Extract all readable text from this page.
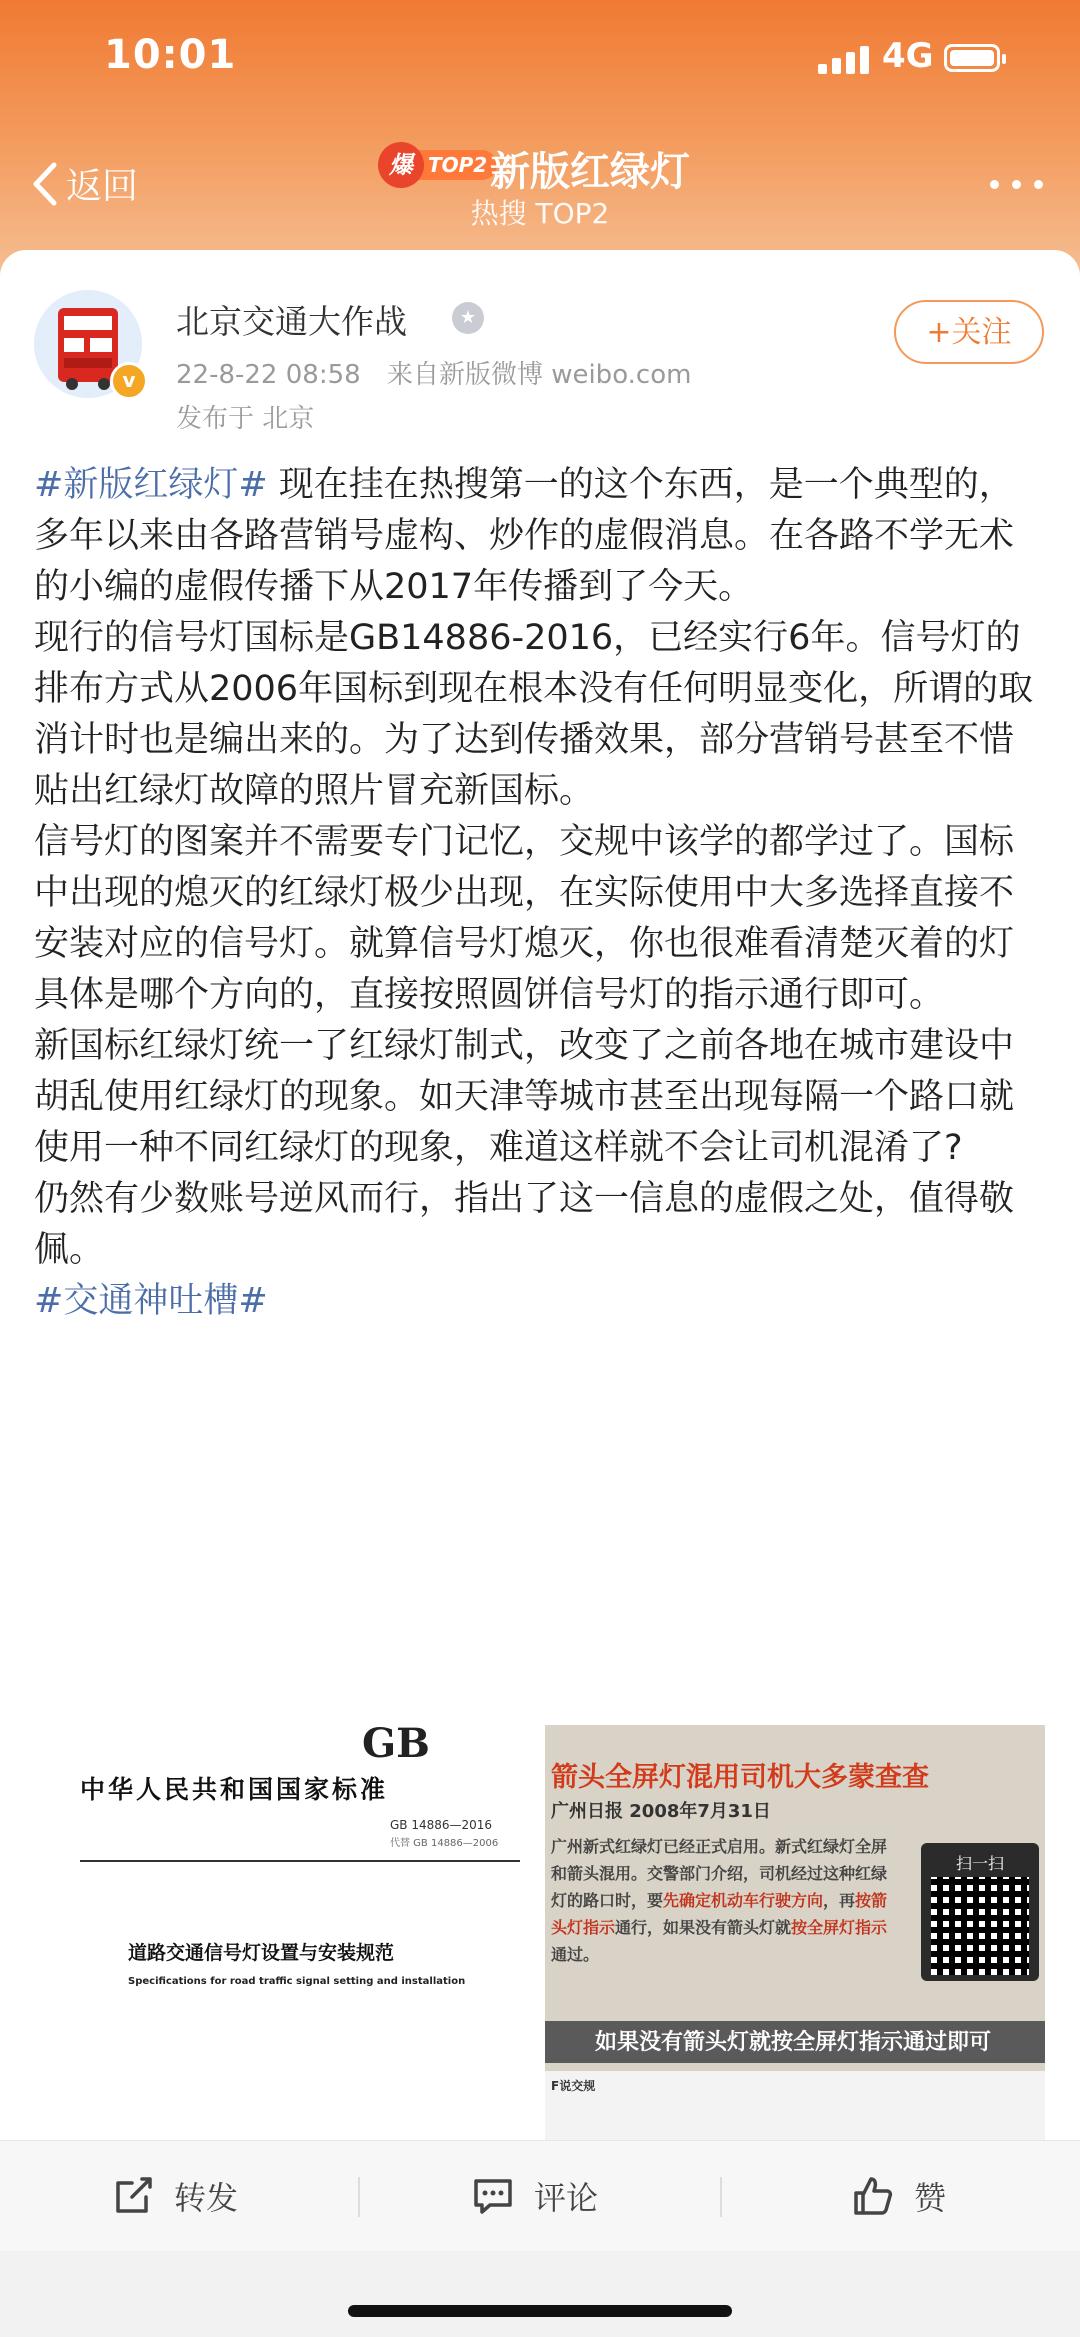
10:01	4G
返回
TOP2
爆 新版红绿灯
热搜 TOP2
v
北京交通大作战	★
22-8-22 08:58 来自新版微博 weibo.com
发布于 北京
+关注

#新版红绿灯# 现在挂在热搜第一的这个东西，是一个典型的，多年以来由各路营销号虚构、炒作的虚假消息。在各路不学无术的小编的虚假传播下从2017年传播到了今天。

现行的信号灯国标是GB14886-2016，已经实行6年。信号灯的排布方式从2006年国标到现在根本没有任何明显变化，所谓的取消计时也是编出来的。为了达到传播效果，部分营销号甚至不惜贴出红绿灯故障的照片冒充新国标。

信号灯的图案并不需要专门记忆，交规中该学的都学过了。国标中出现的熄灭的红绿灯极少出现，在实际使用中大多选择直接不安装对应的信号灯。就算信号灯熄灭，你也很难看清楚灭着的灯具体是哪个方向的，直接按照圆饼信号灯的指示通行即可。

新国标红绿灯统一了红绿灯制式，改变了之前各地在城市建设中胡乱使用红绿灯的现象。如天津等城市甚至出现每隔一个路口就使用一种不同红绿灯的现象，难道这样就不会让司机混淆了?

仍然有少数账号逆风而行，指出了这一信息的虚假之处，值得敬佩。

#交通神吐槽#

GB
中华人民共和国国家标准
GB 14886—2016
代替 GB 14886—2006
道路交通信号灯设置与安装规范
Specifications for road traffic signal setting and installation
箭头全屏灯混用司机大多蒙查查
广州日报 2008年7月31日
广州新式红绿灯已经正式启用。新式红绿灯全屏和箭头混用。交警部门介绍，司机经过这种红绿灯的路口时，要先确定机动车行驶方向，再按箭头灯指示通行，如果没有箭头灯就按全屏灯指示通过。
扫一扫
如果没有箭头灯就按全屏灯指示通过即可
F说交规
转发	评论	赞
